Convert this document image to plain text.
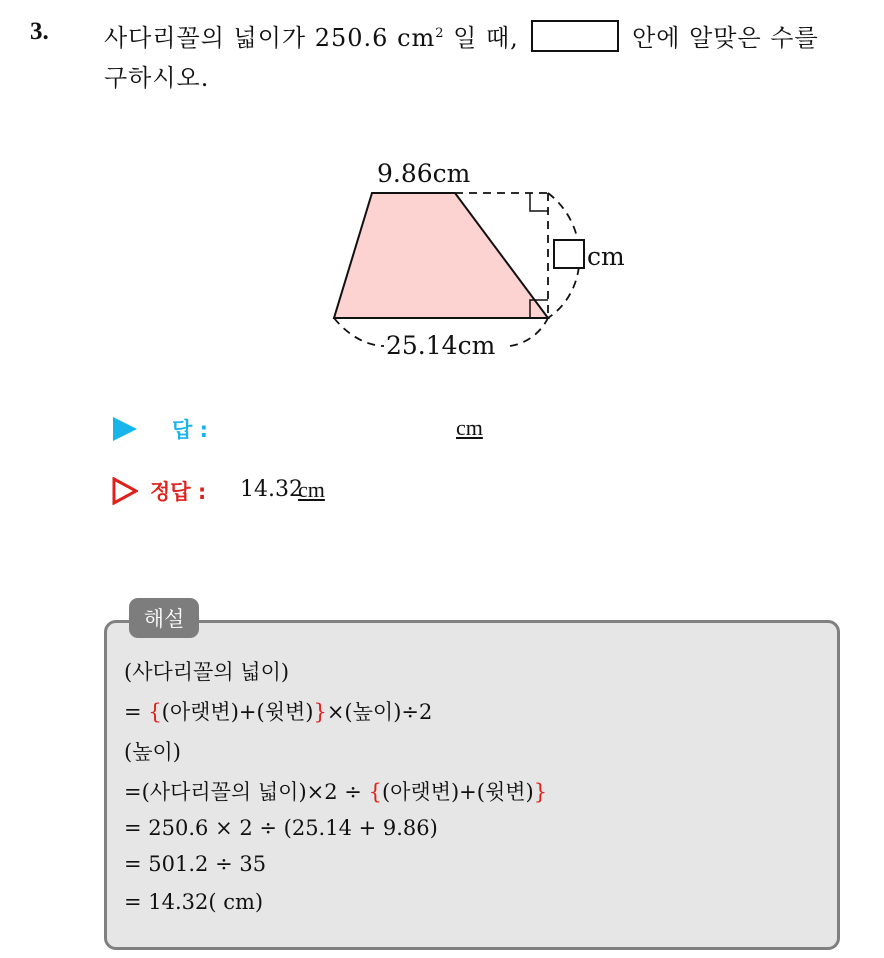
3. 사다리꼴의 넓이가 250.6 $cm^2$ 일 때,	안에 알맞은 수를
구하시오.
9.86cm
25.14cm
cm
답 :	cm
정답 : 14.32
cm
해설
(사다리꼴의 넓이)
= {(아랫변)+(윗변)}×(높이)÷2
(높이)
=(사다리꼴의 넓이)×2 ÷ {(아랫변)+(윗변)}
= 250.6 × 2 ÷ (25.14 + 9.86)
= 501.2 ÷ 35
= 14.32( cm)
